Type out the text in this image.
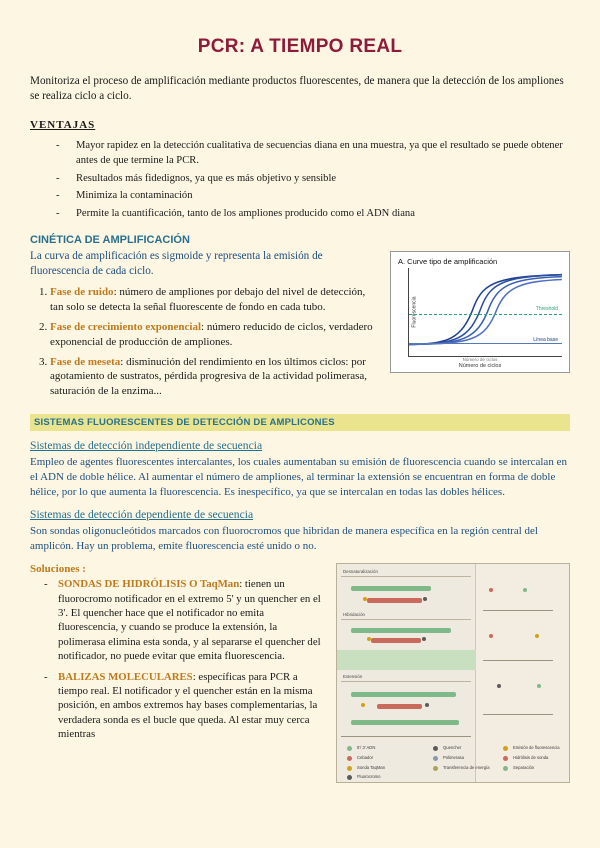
PCR: A TIEMPO REAL

Monitoriza el proceso de amplificación mediante productos fluorescentes, de manera que la detección de los ampliones se realiza ciclo a ciclo.

VENTAJAS
- Mayor rapidez en la detección cualitativa de secuencias diana en una muestra, ya que el resultado se puede obtener antes de que termine la PCR.
- Resultados más fidedignos, ya que es más objetivo y sensible
- Minimiza la contaminación
- Permite la cuantificación, tanto de los ampliones producido como el ADN diana
CINÉTICA DE AMPLIFICACIÓN
La curva de amplificación es sigmoide y representa la emisión de fluorescencia de cada ciclo.
1. Fase de ruido: número de ampliones por debajo del nivel de detección, tan solo se detecta la señal fluorescente de fondo en cada tubo.
2. Fase de crecimiento exponencial: número reducido de ciclos, verdadero exponencial de producción de ampliones.
3. Fase de meseta: disminución del rendimiento en los últimos ciclos: por agotamiento de sustratos, pérdida progresiva de la actividad polimerasa, saturación de la enzima...
A. Curve tipo de amplificación
Fluorescencia	Threshold
Línea base
Número de ciclos
Número de ciclos
SISTEMAS FLUORESCENTES DE DETECCIÓN DE AMPLICONES
Sistemas de detección independiente de secuencia
Empleo de agentes fluorescentes intercalantes, los cuales aumentaban su emisión de fluorescencia cuando se intercalan en el ADN de doble hélice. Al aumentar el número de ampliones, al terminar la extensión se encuentran en forma de doble hélice, por lo que aumenta la fluorescencia. Es inespecífico, ya que se intercalan en todas las dobles hélices.
Sistemas de detección dependiente de secuencia
Son sondas oligonucleótidos marcados con fluorocromos que hibridan de manera específica en la región central del amplicón. Hay un problema, emite fluorescencia esté unido o no.
Soluciones :
- SONDAS DE HIDRÓLISIS O TaqMan: tienen un fluorocromo notificador en el extremo 5' y un quencher en el 3'. El quencher hace que el notificador no emita fluorescencia, y cuando se produce la extensión, la polimerasa elimina esta sonda, y al separarse el quencher del notificador, no puede evitar que emita fluorescencia.
- BALIZAS MOLECULARES: específicas para PCR a tiempo real. El notificador y el quencher están en la misma posición, en ambos extremos hay bases complementarias, la verdadera sonda es el bucle que queda. Al estar muy cerca mientras
Desnaturalización
Hibridación
Extensión
5'/ 3' ADN
Cebador
Sonda TaqMan
Fluorocromo
Quencher
Polimerasa
Transferencia de energía
Emisión de fluorescencia
Hidrólisis de sonda
Separación
